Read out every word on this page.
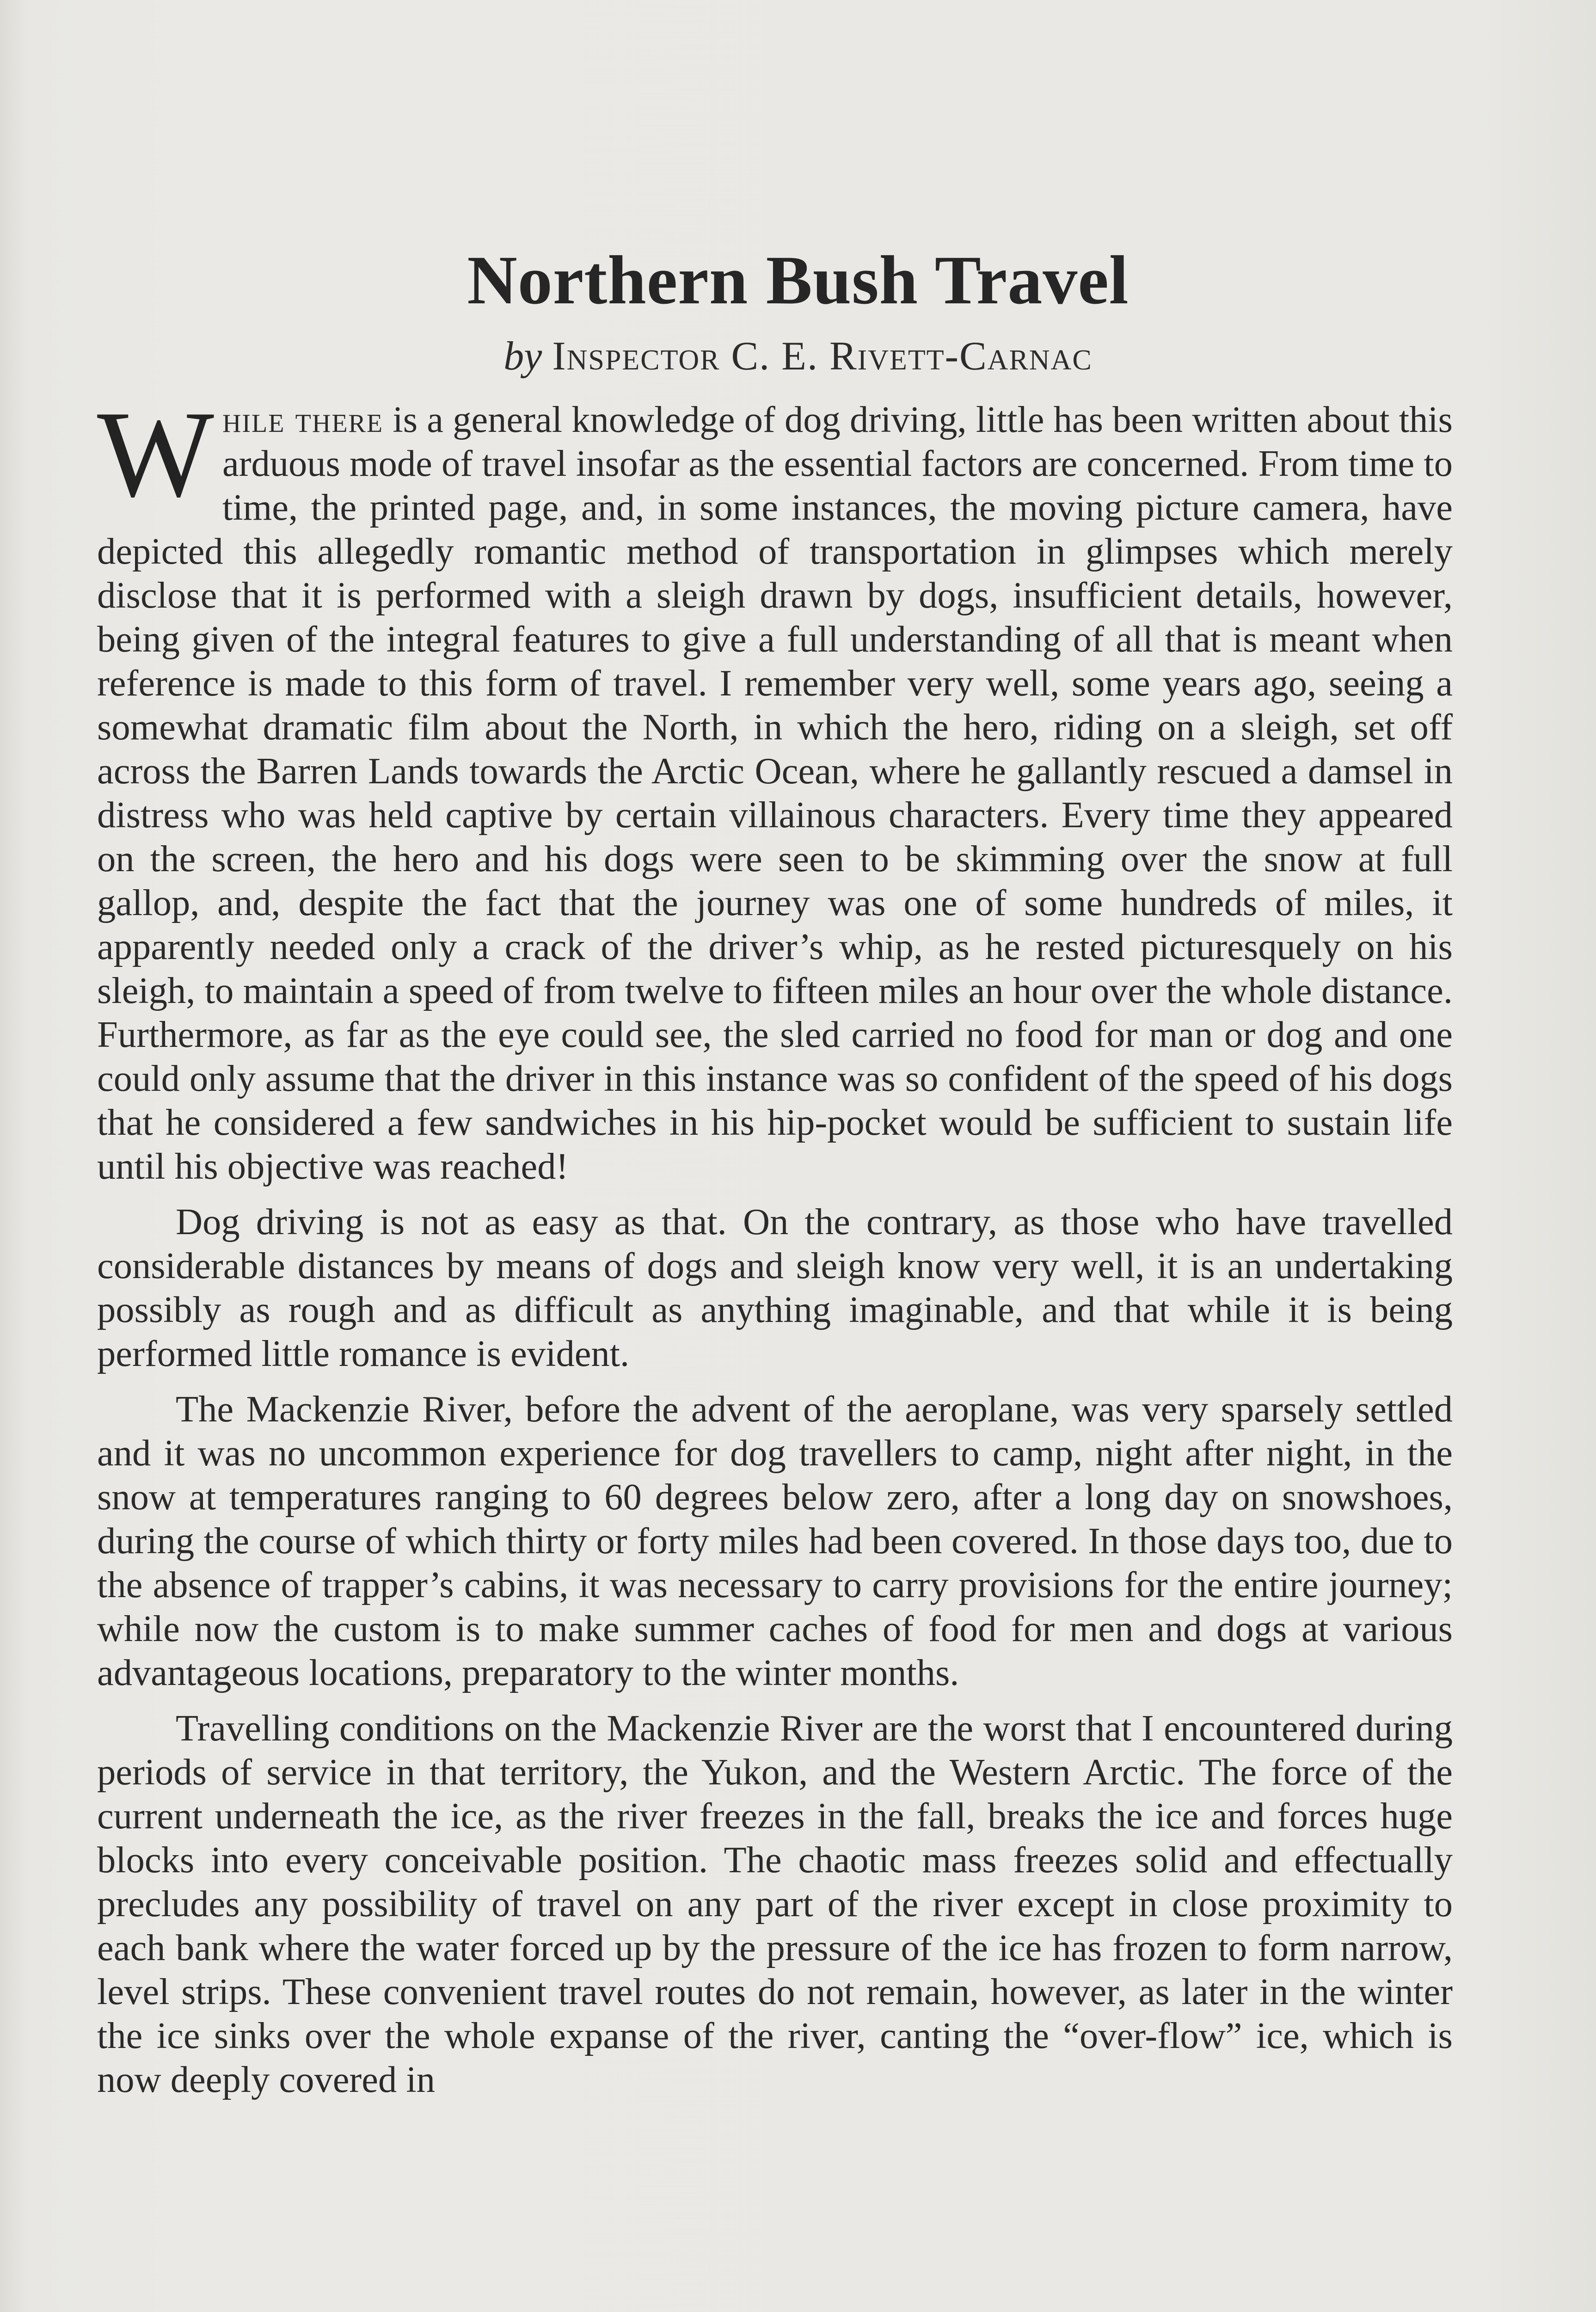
Northern Bush Travel
by Inspector C. E. Rivett-Carnac

While there is a general knowledge of dog driving, little has been written about this arduous mode of travel insofar as the essential factors are concerned. From time to time, the printed page, and, in some instances, the moving picture camera, have depicted this allegedly romantic method of transportation in glimpses which merely disclose that it is performed with a sleigh drawn by dogs, insufficient details, however, being given of the integral features to give a full understanding of all that is meant when reference is made to this form of travel. I remember very well, some years ago, seeing a somewhat dramatic film about the North, in which the hero, riding on a sleigh, set off across the Barren Lands towards the Arctic Ocean, where he gallantly rescued a damsel in distress who was held captive by certain villainous characters. Every time they appeared on the screen, the hero and his dogs were seen to be skimming over the snow at full gallop, and, despite the fact that the journey was one of some hundreds of miles, it apparently needed only a crack of the driver’s whip, as he rested picturesquely on his sleigh, to maintain a speed of from twelve to fifteen miles an hour over the whole distance. Furthermore, as far as the eye could see, the sled carried no food for man or dog and one could only assume that the driver in this instance was so confident of the speed of his dogs that he considered a few sandwiches in his hip-pocket would be sufficient to sustain life until his objective was reached!

Dog driving is not as easy as that. On the contrary, as those who have travelled considerable distances by means of dogs and sleigh know very well, it is an undertaking possibly as rough and as difficult as anything imaginable, and that while it is being performed little romance is evident.

The Mackenzie River, before the advent of the aeroplane, was very sparsely settled and it was no uncommon experience for dog travellers to camp, night after night, in the snow at temperatures ranging to 60 degrees below zero, after a long day on snowshoes, during the course of which thirty or forty miles had been covered. In those days too, due to the absence of trapper’s cabins, it was necessary to carry provisions for the entire journey; while now the custom is to make summer caches of food for men and dogs at various advantageous locations, preparatory to the winter months.

Travelling conditions on the Mackenzie River are the worst that I encountered during periods of service in that territory, the Yukon, and the Western Arctic. The force of the current underneath the ice, as the river freezes in the fall, breaks the ice and forces huge blocks into every conceivable position. The chaotic mass freezes solid and effectually precludes any possibility of travel on any part of the river except in close proximity to each bank where the water forced up by the pressure of the ice has frozen to form narrow, level strips. These convenient travel routes do not remain, however, as later in the winter the ice sinks over the whole expanse of the river, canting the “over-flow” ice, which is now deeply covered in
